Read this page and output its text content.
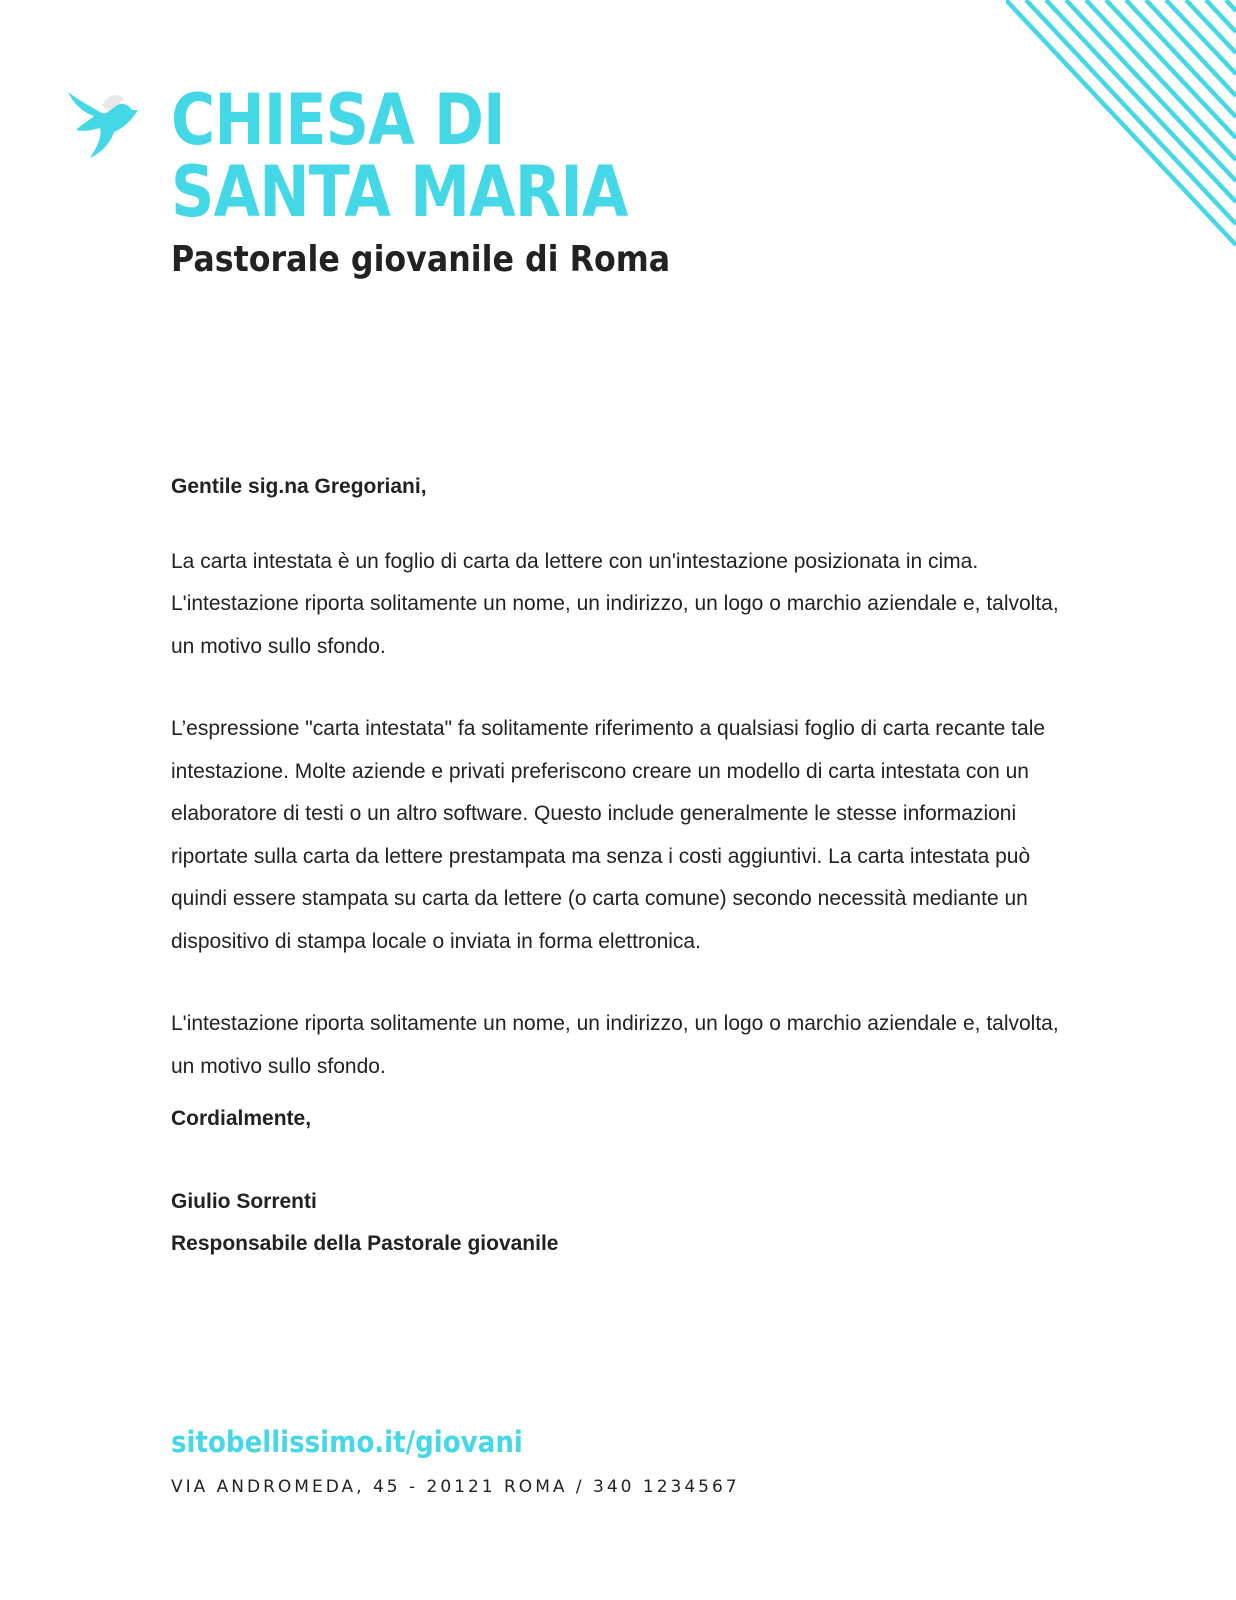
CHIESA DI
SANTA MARIA
Pastorale giovanile di Roma

Gentile sig.na Gregoriani,

La carta intestata è un foglio di carta da lettere con un'intestazione posizionata in cima. L'intestazione riporta solitamente un nome, un indirizzo, un logo o marchio aziendale e, talvolta, un motivo sullo sfondo.

L’espressione "carta intestata" fa solitamente riferimento a qualsiasi foglio di carta recante tale intestazione. Molte aziende e privati preferiscono creare un modello di carta intestata con un elaboratore di testi o un altro software. Questo include generalmente le stesse informazioni riportate sulla carta da lettere prestampata ma senza i costi aggiuntivi. La carta intestata può quindi essere stampata su carta da lettere (o carta comune) secondo necessità mediante un dispositivo di stampa locale o inviata in forma elettronica.

L'intestazione riporta solitamente un nome, un indirizzo, un logo o marchio aziendale e, talvolta, un motivo sullo sfondo.

Cordialmente,

Giulio Sorrenti

Responsabile della Pastorale giovanile

sitobellissimo.it/giovani

VIA ANDROMEDA, 45 - 20121 ROMA / 340 1234567
